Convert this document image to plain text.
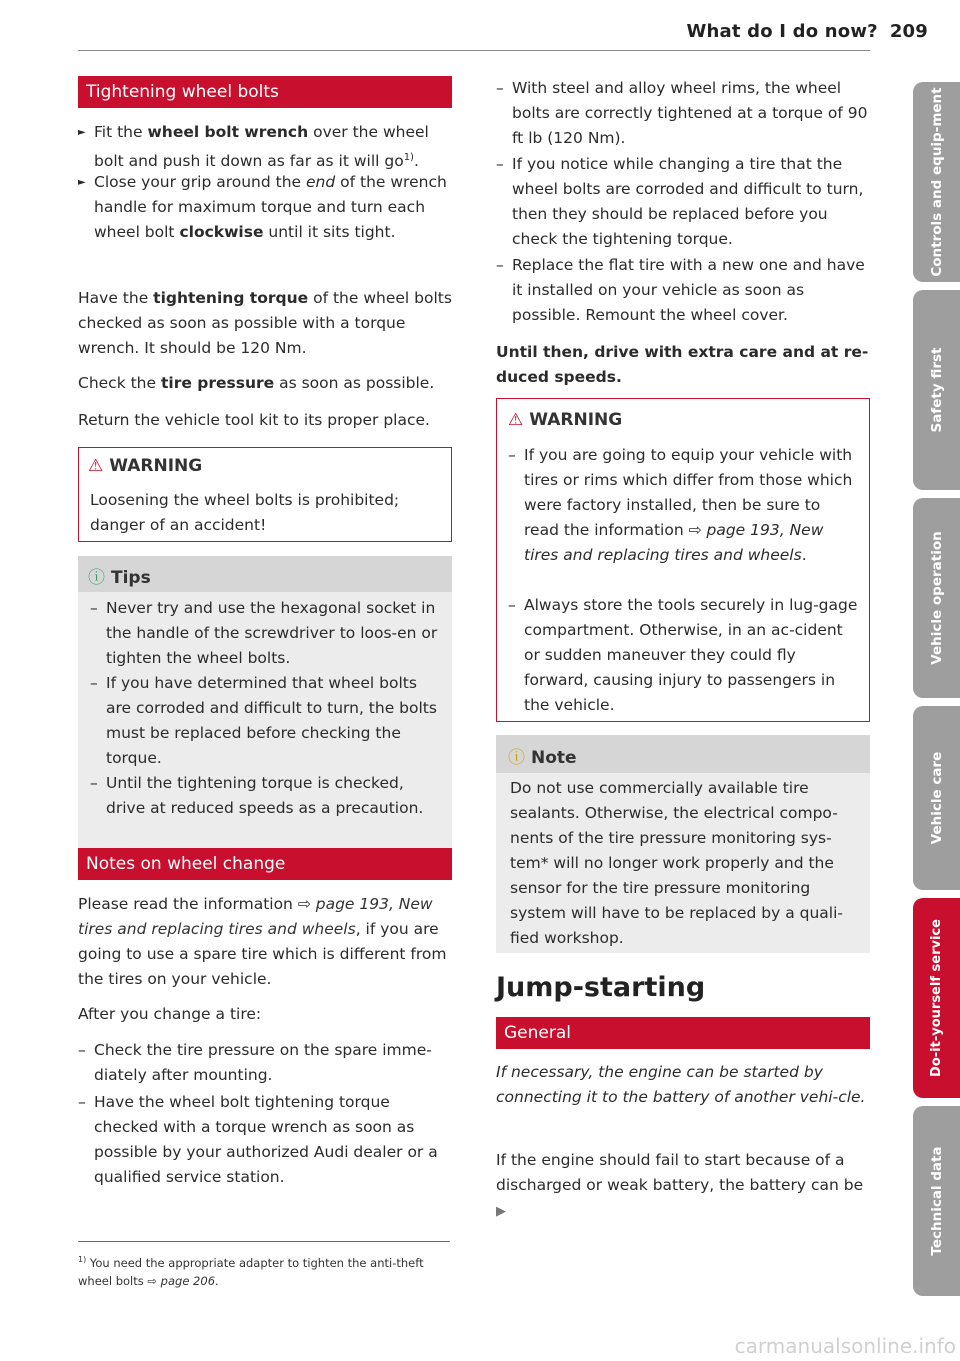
What do I do now? 209
Tightening wheel bolts
► Fit the wheel bolt wrench over the wheel bolt and push it down as far as it will $go^{1)}$.
► Close your grip around the end of the wrench handle for maximum torque and turn each wheel bolt clockwise until it sits tight.

Have the tightening torque of the wheel bolts checked as soon as possible with a torque wrench. It should be 120 Nm.

Check the tire pressure as soon as possible.

Return the vehicle tool kit to its proper place.

⚠ WARNING

Loosening the wheel bolts is prohibited; danger of an accident!

ⓘ Tips
– Never try and use the hexagonal socket in the handle of the screwdriver to loos-en or tighten the wheel bolts.
– If you have determined that wheel bolts are corroded and difficult to turn, the bolts must be replaced before checking the torque.
– Until the tightening torque is checked, drive at reduced speeds as a precaution.
Notes on wheel change

Please read the information ⇨ page 193, New tires and replacing tires and wheels, if you are going to use a spare tire which is different from the tires on your vehicle.

After you change a tire:

– Check the tire pressure on the spare imme-diately after mounting.
– Have the wheel bolt tightening torque checked with a torque wrench as soon as possible by your authorized Audi dealer or a qualified service station.
$^{1)}$ You need the appropriate adapter to tighten the anti-theft wheel bolts ⇨ page 206.
– With steel and alloy wheel rims, the wheel bolts are correctly tightened at a torque of 90 ft lb (120 Nm).
– If you notice while changing a tire that the wheel bolts are corroded and difficult to turn, then they should be replaced before you check the tightening torque.
– Replace the flat tire with a new one and have it installed on your vehicle as soon as possible. Remount the wheel cover.

Until then, drive with extra care and at re-duced speeds.

⚠ WARNING
– If you are going to equip your vehicle with tires or rims which differ from those which were factory installed, then be sure to read the information ⇨ page 193, New tires and replacing tires and wheels.
– Always store the tools securely in lug-gage compartment. Otherwise, in an ac-cident or sudden maneuver they could fly forward, causing injury to passengers in the vehicle.
ⓘ Note

Do not use commercially available tire sealants. Otherwise, the electrical compo-nents of the tire pressure monitoring sys-tem* will no longer work properly and the sensor for the tire pressure monitoring system will have to be replaced by a quali-fied workshop.

Jump-starting
General

If necessary, the engine can be started by connecting it to the battery of another vehi-cle.

If the engine should fail to start because of a discharged or weak battery, the battery can be ▶

Controls and equip-ment
Safety first
Vehicle operation
Vehicle care
Do-it-yourself service
Technical data
carmanualsonline.info
